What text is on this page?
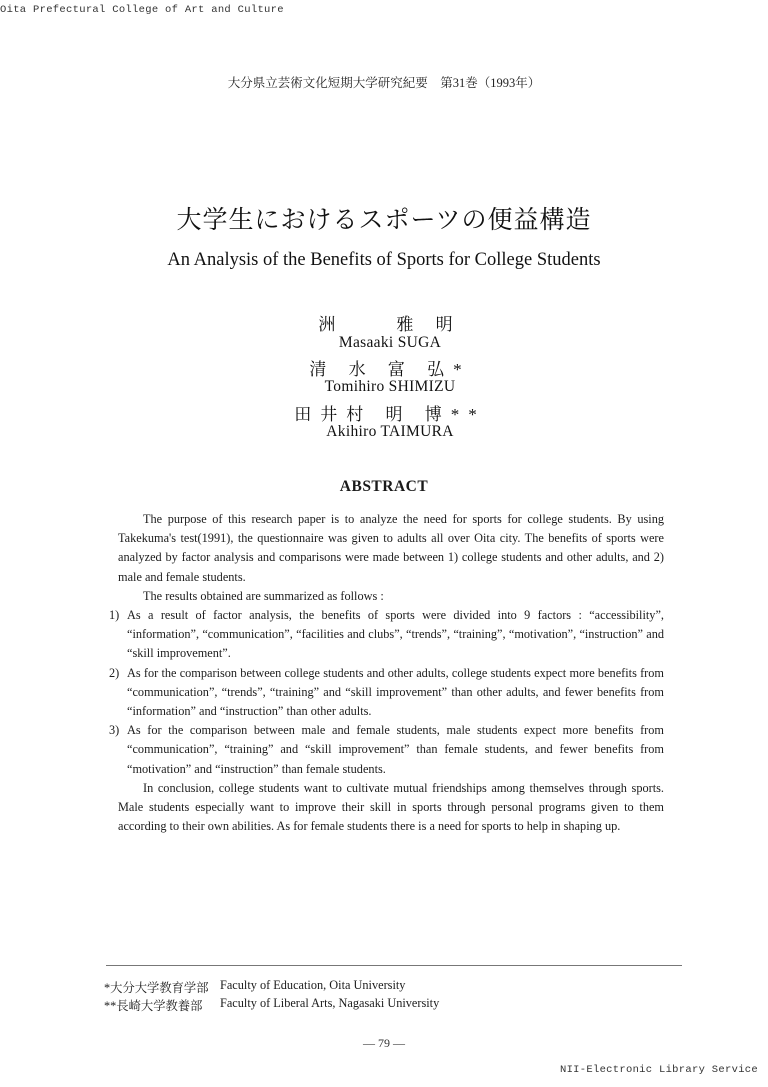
Oita Prefectural College of Art and Culture
大分県立芸術文化短期大学研究紀要　第31巻（1993年）
大学生におけるスポーツの便益構造
An Analysis of the Benefits of Sports for College Students
洲　　雅 明
Masaaki SUGA
清 水 富 弘*
Tomihiro SHIMIZU
田井村 明 博**
Akihiro TAIMURA
ABSTRACT

The purpose of this research paper is to analyze the need for sports for college students. By using Takekuma's test(1991), the questionnaire was given to adults all over Oita city. The benefits of sports were analyzed by factor analysis and comparisons were made between 1) college students and other adults, and 2) male and female students.

The results obtained are summarized as follows :

1) As a result of factor analysis, the benefits of sports were divided into 9 factors : “accessibility”, “information”, “communication”, “facilities and clubs”, “trends”, “training”, “motivation”, “instruction” and “skill improvement”.
2) As for the comparison between college students and other adults, college students expect more benefits from “communication”, “trends”, “training” and “skill improvement” than other adults, and fewer benefits from “information” and “instruction” than other adults.
3) As for the comparison between male and female students, male students expect more benefits from “communication”, “training” and “skill improvement” than female students, and fewer benefits from “motivation” and “instruction” than female students.

In conclusion, college students want to cultivate mutual friendships among themselves through sports. Male students especially want to improve their skill in sports through personal programs given to them according to their own abilities. As for female students there is a need for sports to help in shaping up.

*大分大学教育学部 Faculty of Education, Oita University
**長崎大学教養部	Faculty of Liberal Arts, Nagasaki University
— 79 —
NII-Electronic Library Service
